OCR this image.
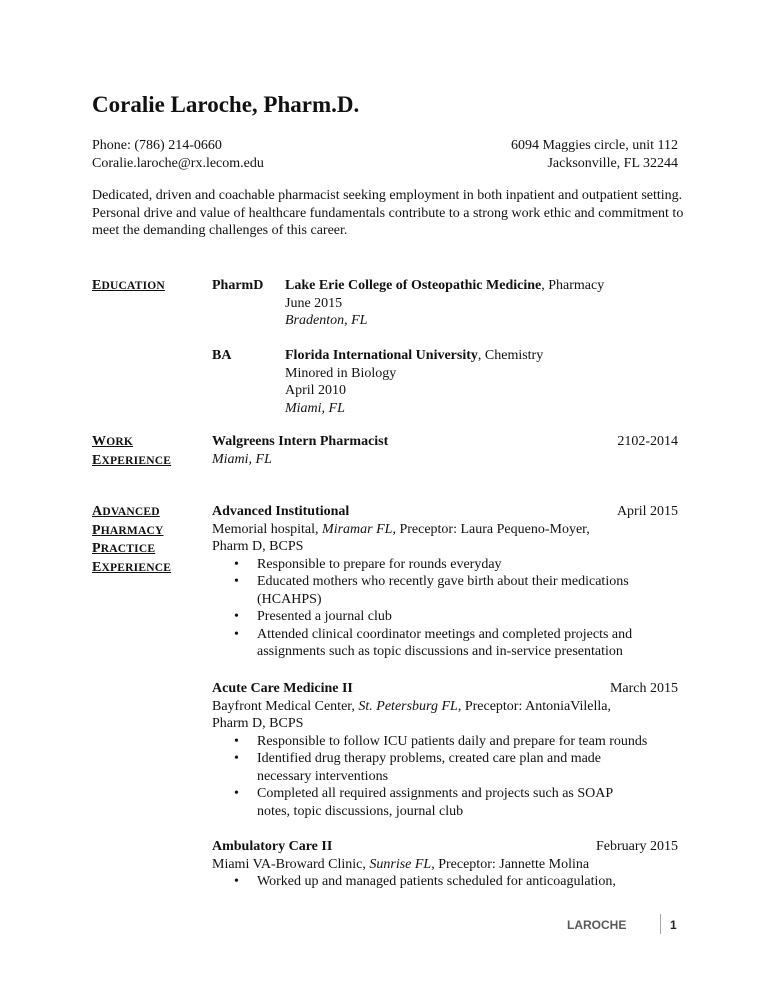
Coralie Laroche, Pharm.D.
Phone: (786) 214-0660
Coralie.laroche@rx.lecom.edu
6094 Maggies circle, unit 112
Jacksonville, FL 32244
Dedicated, driven and coachable pharmacist seeking employment in both inpatient and outpatient setting. Personal drive and value of healthcare fundamentals contribute to a strong work ethic and commitment to meet the demanding challenges of this career.
EDUCATION
WORK
EXPERIENCE
ADVANCED
PHARMACY
PRACTICE
EXPERIENCE
PharmD Lake Erie College of Osteopathic Medicine, Pharmacy
June 2015
Bradenton, FL
BA	Florida International University, Chemistry
Minored in Biology
April 2010
Miami, FL
Walgreens Intern Pharmacist	2102-2014
Miami, FL
Advanced Institutional	April 2015
Memorial hospital, Miramar FL, Preceptor: Laura Pequeno-Moyer,
Pharm D, BCPS
• Responsible to prepare for rounds everyday
• Educated mothers who recently gave birth about their medications
(HCAHPS)
• Presented a journal club
• Attended clinical coordinator meetings and completed projects and
assignments such as topic discussions and in-service presentation
Acute Care Medicine II	March 2015
Bayfront Medical Center, St. Petersburg FL, Preceptor: AntoniaVilella,
Pharm D, BCPS
• Responsible to follow ICU patients daily and prepare for team rounds
• Identified drug therapy problems, created care plan and made
necessary interventions
• Completed all required assignments and projects such as SOAP
notes, topic discussions, journal club
Ambulatory Care II	February 2015
Miami VA-Broward Clinic, Sunrise FL, Preceptor: Jannette Molina
• Worked up and managed patients scheduled for anticoagulation,
LAROCHE	1
